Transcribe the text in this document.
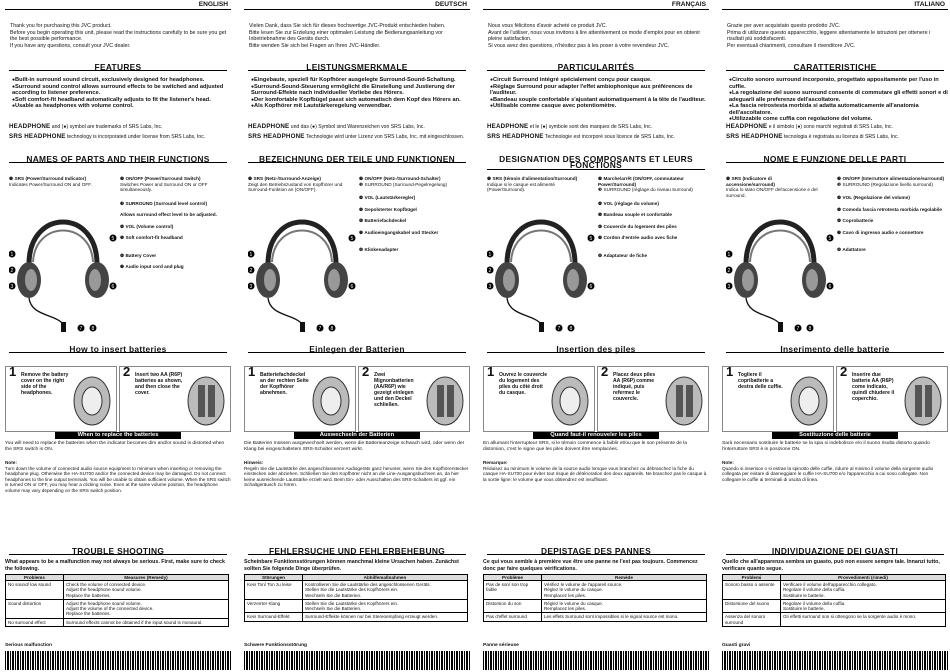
ENGLISH
Thank you for purchasing this JVC product.
Before you begin operating this unit, please read the instructions carefully to be sure you get the best possible performance.
If you have any questions, consult your JVC dealer.
FEATURES
● Built-in surround sound circuit, exclusively designed for headphones.
● Surround sound control allows surround effects to be switched and adjusted according to listener preference.
● Soft comfort-fit headband automatically adjusts to fit the listener's head.
● Usable as headphones with volume control.
HEADPHONE and (●) symbol are trademarks of SRS Labs, Inc.
SRS HEADPHONE technology is incorporated under license from SRS Labs, Inc.
NAMES OF PARTS AND THEIR FUNCTIONS
❶ SRS (Power/Surround Indicator)
Indicates Power/Surround ON and OFF.
❷ ON/OFF (Power/Surround Switch)
Switches Power and Surround ON or OFF simultaneously.
❸ SURROUND (Surround level control)
Allows surround effect level to be adjusted.
❹ VOL (Volume control)
❺ Soft comfort-fit headband
❻ Battery Cover
❼ Audio input cord and plug
1
2
3
5
6
7 8
How to insert batteries
1 Remove the battery cover on the right side of the headphones.
2 Insert two AA (R6P) batteries as shown, and then close the cover.
When to replace the batteries
You will need to replace the batteries when the indicator becomes dim and/or sound is distorted when the SRS switch is ON.
Note:
Turn down the volume of connected audio source equipment to minimum when inserting or removing the headphone plug. Otherwise the HA-SU700 and/or the connected device may be damaged. Do not connect headphones to the line output terminals. You will be unable to obtain sufficient volume. When the SRS switch is turned ON or OFF, you may hear a clicking noise. Even at the same volume position, the headphone volume may vary depending on the SRS switch position.
TROUBLE SHOOTING
What appears to be a malfunction may not always be serious. First, make sure to check the following.
Problems	Measures (Remedy)
No sound/ low sound	Check the volume of connected device.
Adjust the headphone sound volume.
Replace the batteries.
Sound distortion	Adjust the headphone sound volume.
Adjust the volume of the connected device.
Replace the batteries.
No surround effect	Surround effects cannot be obtained if the input sound is monaural.
Serious malfunction
DEUTSCH
Vielen Dank, dass Sie sich für dieses hochwertige JVC-Produkt entschieden haben.
Bitte lesen Sie zur Erzielung einer optimalen Leistung die Bedienungsanleitung vor Inbetriebnahme des Geräts durch.
Bitte wenden Sie sich bei Fragen an Ihren JVC-Händler.
LEISTUNGSMERKMALE
● Eingebaute, speziell für Kopfhörer ausgelegte Surround-Sound-Schaltung.
● Surround-Sound-Steuerung ermöglicht die Einstellung und Justierung der Surround-Effekte nach individueller Vorliebe des Hörers.
● Der komfortable Kopfbügel passt sich automatisch dem Kopf des Hörers an.
● Als Kopfhörer mit Lautstärkeregelung verwendbar.
HEADPHONE und das (●) Symbol sind Warenzeichen von SRS Labs, Inc.
SRS HEADPHONE Technologie wird unter Lizenz von SRS Labs, Inc. mit eingeschlossen.
BEZEICHNUNG DER TEILE UND FUNKTIONEN
❶ SRS (Netz-/Surround-Anzeige)
Zeigt den Betriebszustand von Kopfhörer und Surround-Funktion an (ON/OFF).
❷ ON/OFF (Netz-/Surround-Schalter)
❸ SURROUND (Surround-Pegelregelung)
❹ VOL (Lautstärkeregler)
❺ Gepolsterter Kopfbügel
❻ Batteriefachdeckel
❼ Audioeingangskabel und Stecker
❽ Klinkenadapter
1
2
3
5
6
7 8
Einlegen der Batterien
1 Batteriefachdeckel an der rechten Seite der Kopfhörer abnehmen.
2 Zwei Mignonbatterien (AA/R6P) wie gezeigt einlegen und den Deckel schließen.
Auswechseln der Batterien
Die Batterien müssen ausgewechselt werden, wenn die Batterieanzeige schwach wird, oder wenn der Klang bei eingeschaltetem SRS-Schalter verzerrt wirkt.
Hinweis:
Regeln Sie die Lautstärke des angeschlossenen Audiogeräts ganz herunter, wenn Sie den Kopfhörerstecker einstecken oder abziehen. Schließen Sie den Kopfhörer nicht an die Line-Ausgangsbuchsen an, da hier keine ausreichende Lautstärke erzielt wird. Beim Ein- oder Ausschalten des SRS-Schalters ist ggf. ein Schaltgeräusch zu hören.
FEHLERSUCHE UND FEHLERBEHEBUNG
Scheinbare Funktionsstörungen können manchmal kleine Ursachen haben. Zunächst sollten Sie folgende Dinge überprüfen.
Störungen	Abhilfemaßnahmen
Kein Ton/ Ton zu leise	Kontrollieren Sie die Lautstärke des angeschlossenen Geräts.
Stellen Sie die Lautstärke des Kopfhörers ein.
Wechseln Sie die Batterien.
Verzerrter Klang	Stellen Sie die Lautstärke des Kopfhörers ein.
Wechseln Sie die Batterien.
Kein Surround-Effekt	Surround-Effekte können nur bei Stereoempfang erzeugt werden.
Schwere Funktionsstörung
FRANÇAIS
Nous vous félicitons d'avoir acheté ce produit JVC.
Avant de l'utiliser, nous vous invitons à lire attentivement ce mode d'emploi pour en obtenir pleine satisfaction.
Si vous avez des questions, n'hésitez pas à les poser à votre revendeur JVC.
PARTICULARITÉS
● Circuit Surround intégré spécialement conçu pour casque.
● Réglage Surround pour adapter l'effet ambiophonique aux préférences de l'auditeur.
● Bandeau souple confortable s'ajustant automatiquement à la tête de l'auditeur.
● Utilisable comme casque avec potentiomètre.
HEADPHONE et le (●) symbole sont des marques de SRS Labs, Inc.
SRS HEADPHONE Technologie est incorporé sous licence de SRS Labs, Inc.
DESIGNATION DES COMPOSANTS ET LEURS FONCTIONS
❶ SRS (témoin d'alimentation/Surround)
Indique si le casque est alimenté (Power/Surround).
❷ Marche/arrêt (ON/OFF, commutateur Power/Surround)
❸ SURROUND (réglage du niveau Surround)
❹ VOL (réglage du volume)
❺ Bandeau souple et confortable
❻ Couvercle du logement des piles
❼ Cordon d'entrée audio avec fiche
❽ Adaptateur de fiche
1
2
3
5
6
7 8
Insertion des piles
1 Ouvrez le couvercle du logement des piles du côté droit du casque.
2 Placez deux piles AA (R6P) comme indiqué, puis refermez le couvercle.
Quand faut-il renouveler les piles
En allumant l'interrupteur SRS, si le témoin commence à faiblir et/ou que le son présente de la distorsion, c'est le signe que les piles doivent être remplacées.
Remarque:
Réduisez au minimum le volume de la source audio lorsque vous branchez ou débranchez la fiche du casque HA-SU700 pour éviter tout risque de détérioration des deux appareils. Ne branchez pas le casque à la sortie ligne: le volume que vous obtiendrez est insuffisant.
DEPISTAGE DES PANNES
Ce qui vous semble à première vue être une panne ne l'est pas toujours. Commencez donc par faire quelques vérifications.
Problème	Remède
Pas de son/ son trop faible	Vérifiez le volume de l'appareil source.
Réglez le volume du casque.
Remplacez les piles.
Distorsion du son	Réglez le volume du casque.
Remplacez les piles.
Pas d'effet surround	Les effets Surround sont impossibles si le signal source est mono.
Panne sérieuse
ITALIANO
Grazie per aver acquistato questo prodotto JVC.
Prima di utilizzare questo apparecchio, leggere attentamente le istruzioni per ottenere i risultati più soddisfacenti.
Per eventuali chiarimenti, consultare il rivenditore JVC.
CARATTERISTICHE
● Circuito sonoro surround incorporato, progettato appositamente per l'uso in cuffie.
● La regolazione del suono surround consente di commutare gli effetti sonori e di adeguarli alle preferenze dell'ascoltatore.
● La fascia retrostesta morbida si adatta automaticamente all'anatomia dell'ascoltatore.
● Utilizzabile come cuffia con regolazione del volume.
HEADPHONE e il simbolo (●) sono marchi registrati di SRS Labs, Inc.
SRS HEADPHONE tecnologia è registrata su licenza di SRS Labs, Inc.
NOME E FUNZIONE DELLE PARTI
❶ SRS (Indicatore di accensione/surround)
Indica lo stato ON/OFF del'accensione e del surround.
❷ ON/OFF (Interruttore alimentazione/surround)
❸ SURROUND (Regolazione livello surround)
❹ VOL (Regolazione del volume)
❺ Comoda fascia retrotesta morbida regolabile
❻ Coprobatterie
❼ Cavo di ingresso audio e connettore
❽ Adattatore
1
2
3
5
6
7 8
Inserimento delle batterie
1 Togliere il copribatterie a destra delle cuffie.
2 Inserire due batterie AA (R6P) come indicato, quindi chiudere il coperchio.
Sostituzione delle batterie
Sarà necessario sostituire le batterie se la spia si indebolisce e/o il suono risulta distorto quando l'interruttore SRS è in posizione ON.
Note:
Quando si inserisce o si estrae la spinotto delle cuffie, ridurre al minimo il volume della sorgente audio collegata per evitare di danneggiare le cuffie HA-SU700 e/o l'apparecchio a cui sono collegate. Non collegare le cuffie ai terminali di uscita di linea.
INDIVIDUAZIONE DEI GUASTI
Quello che all'apparenza sembra un guasto, può non essere sempre tale. Innanzi tutto, verificare quanto segue.
Problemi	Provvedimenti (rimedi)
Sonoro basso o assente	Verificare il volume dell'apparecchio collegato.
Regolare il volume della cuffia.
Sostituire le batterie.
Distorsione del suono	Regolare il volume della cuffia.
Sostituire le batterie.
Assenza del sonoro surround	Gli effetti surround non si ottengono se la sorgente audio è mono.
Guasti gravi
